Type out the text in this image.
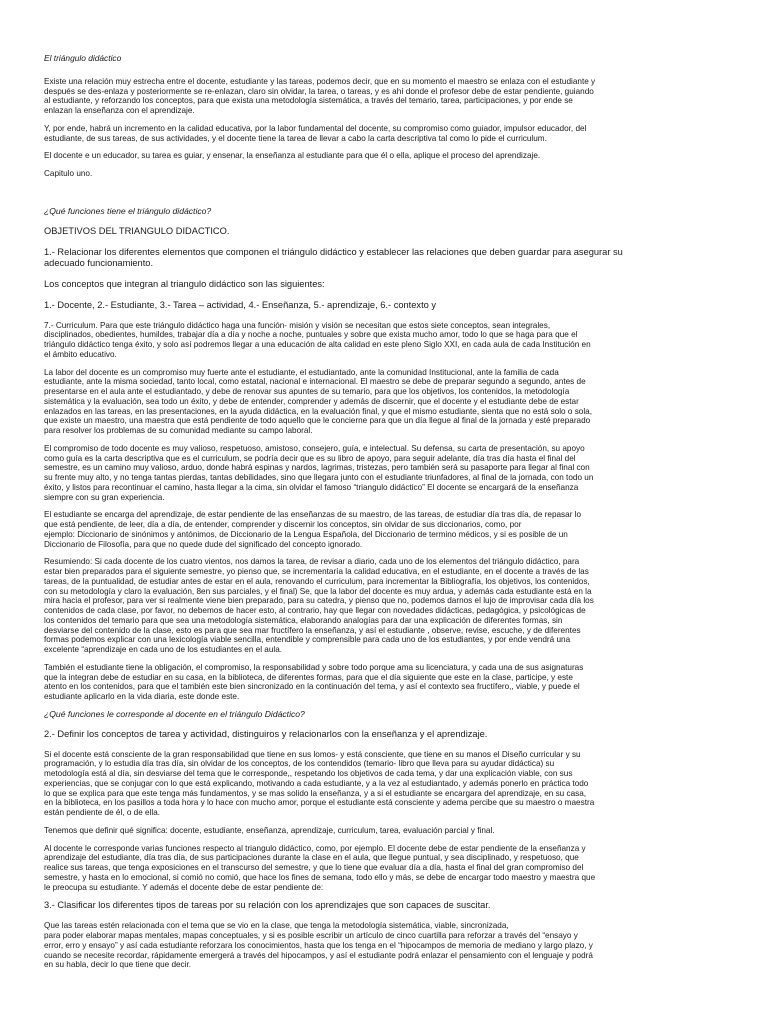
El triángulo didáctico

Existe una relación muy estrecha entre el docente, estudiante y las tareas, podemos decir, que en su momento el maestro se enlaza con el estudiante y
después se des-enlaza y posteriormente se re-enlazan, claro sin olvidar, la tarea, o tareas, y es ahí donde el profesor debe de estar pendiente, guiando
al estudiante, y reforzando los conceptos, para que exista una metodología sistemática, a través del temario, tarea, participaciones, y por ende se
enlazan la enseñanza con el aprendizaje.

Y, por ende, habrá un incremento en la calidad educativa, por la labor fundamental del docente, su compromiso como guiador, impulsor educador, del
estudiante, de sus tareas, de sus actividades, y el docente tiene la tarea de llevar a cabo la carta descriptiva tal como lo pide el curriculum.

El docente e un educador, su tarea es guiar, y ensenar, la enseñanza al estudiante para que él o ella, aplique el proceso del aprendizaje.

Capitulo uno.

¿Qué funciones tiene el triángulo didáctico?

OBJETIVOS DEL TRIANGULO DIDACTICO.

1.- Relacionar los diferentes elementos que componen el triángulo didáctico y establecer las relaciones que deben guardar para asegurar su
adecuado funcionamiento.

Los conceptos que integran al triangulo didáctico son las siguientes:

1.- Docente, 2.- Estudiante, 3.- Tarea – actividad, 4.- Enseñanza, 5.- aprendizaje, 6.- contexto y

7.- Curriculum. Para que este triángulo didáctico haga una función- misión y visión se necesitan que estos siete conceptos, sean integrales,
disciplinados, obedientes, humildes, trabajar día a día y noche a noche, puntuales y sobre que exista mucho amor, todo lo que se haga para que el
triángulo didáctico tenga éxito, y solo así podremos llegar a una educación de alta calidad en este pleno Siglo XXI, en cada aula de cada Institución en
el ámbito educativo.

La labor del docente es un compromiso muy fuerte ante el estudiante, el estudiantado, ante la comunidad Institucional, ante la familia de cada
estudiante, ante la misma sociedad, tanto local, como estatal, nacional e internacional. El maestro se debe de preparar segundo a segundo, antes de
presentarse en el aula ante el estudiantado, y debe de renovar sus apuntes de su temario, para que los objetivos, los contenidos, la metodología
sistemática y la evaluación, sea todo un éxito, y debe de entender, comprender y además de discernir, que el docente y el estudiante debe de estar
enlazados en las tareas, en las presentaciones, en la ayuda didáctica, en la evaluación final, y que el mismo estudiante, sienta que no está solo o sola,
que existe un maestro, una maestra que está pendiente de todo aquello que le concierne para que un día llegue al final de la jornada y esté preparado
para resolver los problemas de su comunidad mediante su campo laboral.

El compromiso de todo docente es muy valioso, respetuoso, amistoso, consejero, guía, e intelectual. Su defensa, su carta de presentación, su apoyo
como guía es la carta descriptiva que es el curriculum, se podría decir que es su libro de apoyo, para seguir adelante, día tras día hasta el final del
semestre, es un camino muy valioso, arduo, donde habrá espinas y nardos, lagrimas, tristezas, pero también será su pasaporte para llegar al final con
su frente muy alto, y no tenga tantas pierdas, tantas debilidades, sino que llegara junto con el estudiante triunfadores, al final de la jornada, con todo un
éxito, y listos para recontinuar el camino, hasta llegar a la cima, sin olvidar el famoso “triangulo didáctico” El docente se encargará de la enseñanza
siempre con su gran experiencia.

El estudiante se encarga del aprendizaje, de estar pendiente de las enseñanzas de su maestro, de las tareas, de estudiar día tras día, de repasar lo
que está pendiente, de leer, día a día, de entender, comprender y discernir los conceptos, sin olvidar de sus diccionarios, como, por
ejemplo: Diccionario de sinónimos y antónimos, de Diccionario de la Lengua Española, del Diccionario de termino médicos, y si es posible de un
Diccionario de Filosofía, para que no quede dude del significado del concepto ignorado.

Resumiendo: Si cada docente de los cuatro vientos, nos damos la tarea, de revisar a diario, cada uno de los elementos del triángulo didáctico, para
estar bien preparados para el siguiente semestre, yo pienso que, se incrementaría la calidad educativa, en el estudiante, en el docente a través de las
tareas, de la puntualidad, de estudiar antes de estar en el aula, renovando el curriculum, para incrementar la Bibliografía, los objetivos, los contenidos,
con su metodología y claro la evaluación, 8en sus parciales, y el final) Se, que la labor del docente es muy ardua, y además cada estudiante está en la
mira hacia el profesor, para ver si realmente viene bien preparado, para su catedra, y pienso que no, podemos darnos el lujo de improvisar cada día los
contenidos de cada clase, por favor, no debemos de hacer esto, al contrario, hay que llegar con novedades didácticas, pedagógica, y psicológicas de
los contenidos del temario para que sea una metodología sistemática, elaborando analogías para dar una explicación de diferentes formas, sin
desviarse del contenido de la clase, esto es para que sea mar fructífero la enseñanza, y así el estudiante , observe, revise, escuche, y de diferentes
formas podemos explicar con una lexicología viable sencilla, entendible y comprensible para cada uno de los estudiantes, y por ende vendrá una
excelente “aprendizaje en cada uno de los estudiantes en el aula.

También el estudiante tiene la obligación, el compromiso, la responsabilidad y sobre todo porque ama su licenciatura, y cada una de sus asignaturas
que la integran debe de estudiar en su casa, en la biblioteca, de diferentes formas, para que el día siguiente que este en la clase, participe, y este
atento en los contenidos, para que el también este bien sincronizado en la continuación del tema, y así el contexto sea fructífero,, viable, y puede el
estudiante aplicarlo en la vida diaria, este donde este.

¿Qué funciones le corresponde al docente en el triángulo Didáctico?

2.- Definir los conceptos de tarea y actividad, distinguiros y relacionarlos con la enseñanza y el aprendizaje.

Si el docente está consciente de la gran responsabilidad que tiene en sus lomos- y está consciente, que tiene en su manos el Diseño curricular y su
programación, y lo estudia día tras día, sin olvidar de los conceptos, de los contendidos (temario- libro que lleva para su ayudar didáctica) su
metodología está al día, sin desviarse del tema que le corresponde,, respetando los objetivos de cada tema, y dar una explicación viable, con sus
experiencias, que se conjugar con lo que está explicando, motivando a cada estudiante, y a la vez al estudiantado, y además ponerlo en práctica todo
lo que se explica para que este tenga más fundamentos, y se mas solido la enseñanza, y a si el estudiante se encargara del aprendizaje, en su casa,
en la biblioteca, en los pasillos a toda hora y lo hace con mucho amor, porque el estudiante está consciente y adema percibe que su maestro o maestra
están pendiente de él, o de ella.

Tenemos que definir qué significa: docente, estudiante, enseñanza, aprendizaje, curriculum, tarea, evaluación parcial y final.

Al docente le corresponde varias funciones respecto al triangulo didáctico, como, por ejemplo. El docente debe de estar pendiente de la enseñanza y
aprendizaje del estudiante, día tras día, de sus participaciones durante la clase en el aula, que llegue puntual, y sea disciplinado, y respetuoso, que
realice sus tareas, que tenga exposiciones en el transcurso del semestre, y que lo tiene que evaluar día a día, hasta el final del gran compromiso del
semestre, y hasta en lo emocional, si comió no comió, que hace los fines de semana, todo ello y más, se debe de encargar todo maestro y maestra que
le preocupa su estudiante. Y además el docente debe de estar pendiente de:

3.- Clasificar los diferentes tipos de tareas por su relación con los aprendizajes que son capaces de suscitar.

Que las tareas estén relacionada con el tema que se vio en la clase, que tenga la metodología sistemática, viable, sincronizada,
para poder elaborar mapas mentales, mapas conceptuales, y si es posible escribir un artículo de cinco cuartilla para reforzar a través del “ensayo y
error, erro y ensayo” y así cada estudiante reforzara los conocimientos, hasta que los tenga en el “hipocampos de memoria de mediano y largo plazo, y
cuando se necesite recordar, rápidamente emergerá a través del hipocampos, y así el estudiante podrá enlazar el pensamiento con el lenguaje y podrá
en su habla, decir lo que tiene que decir.
